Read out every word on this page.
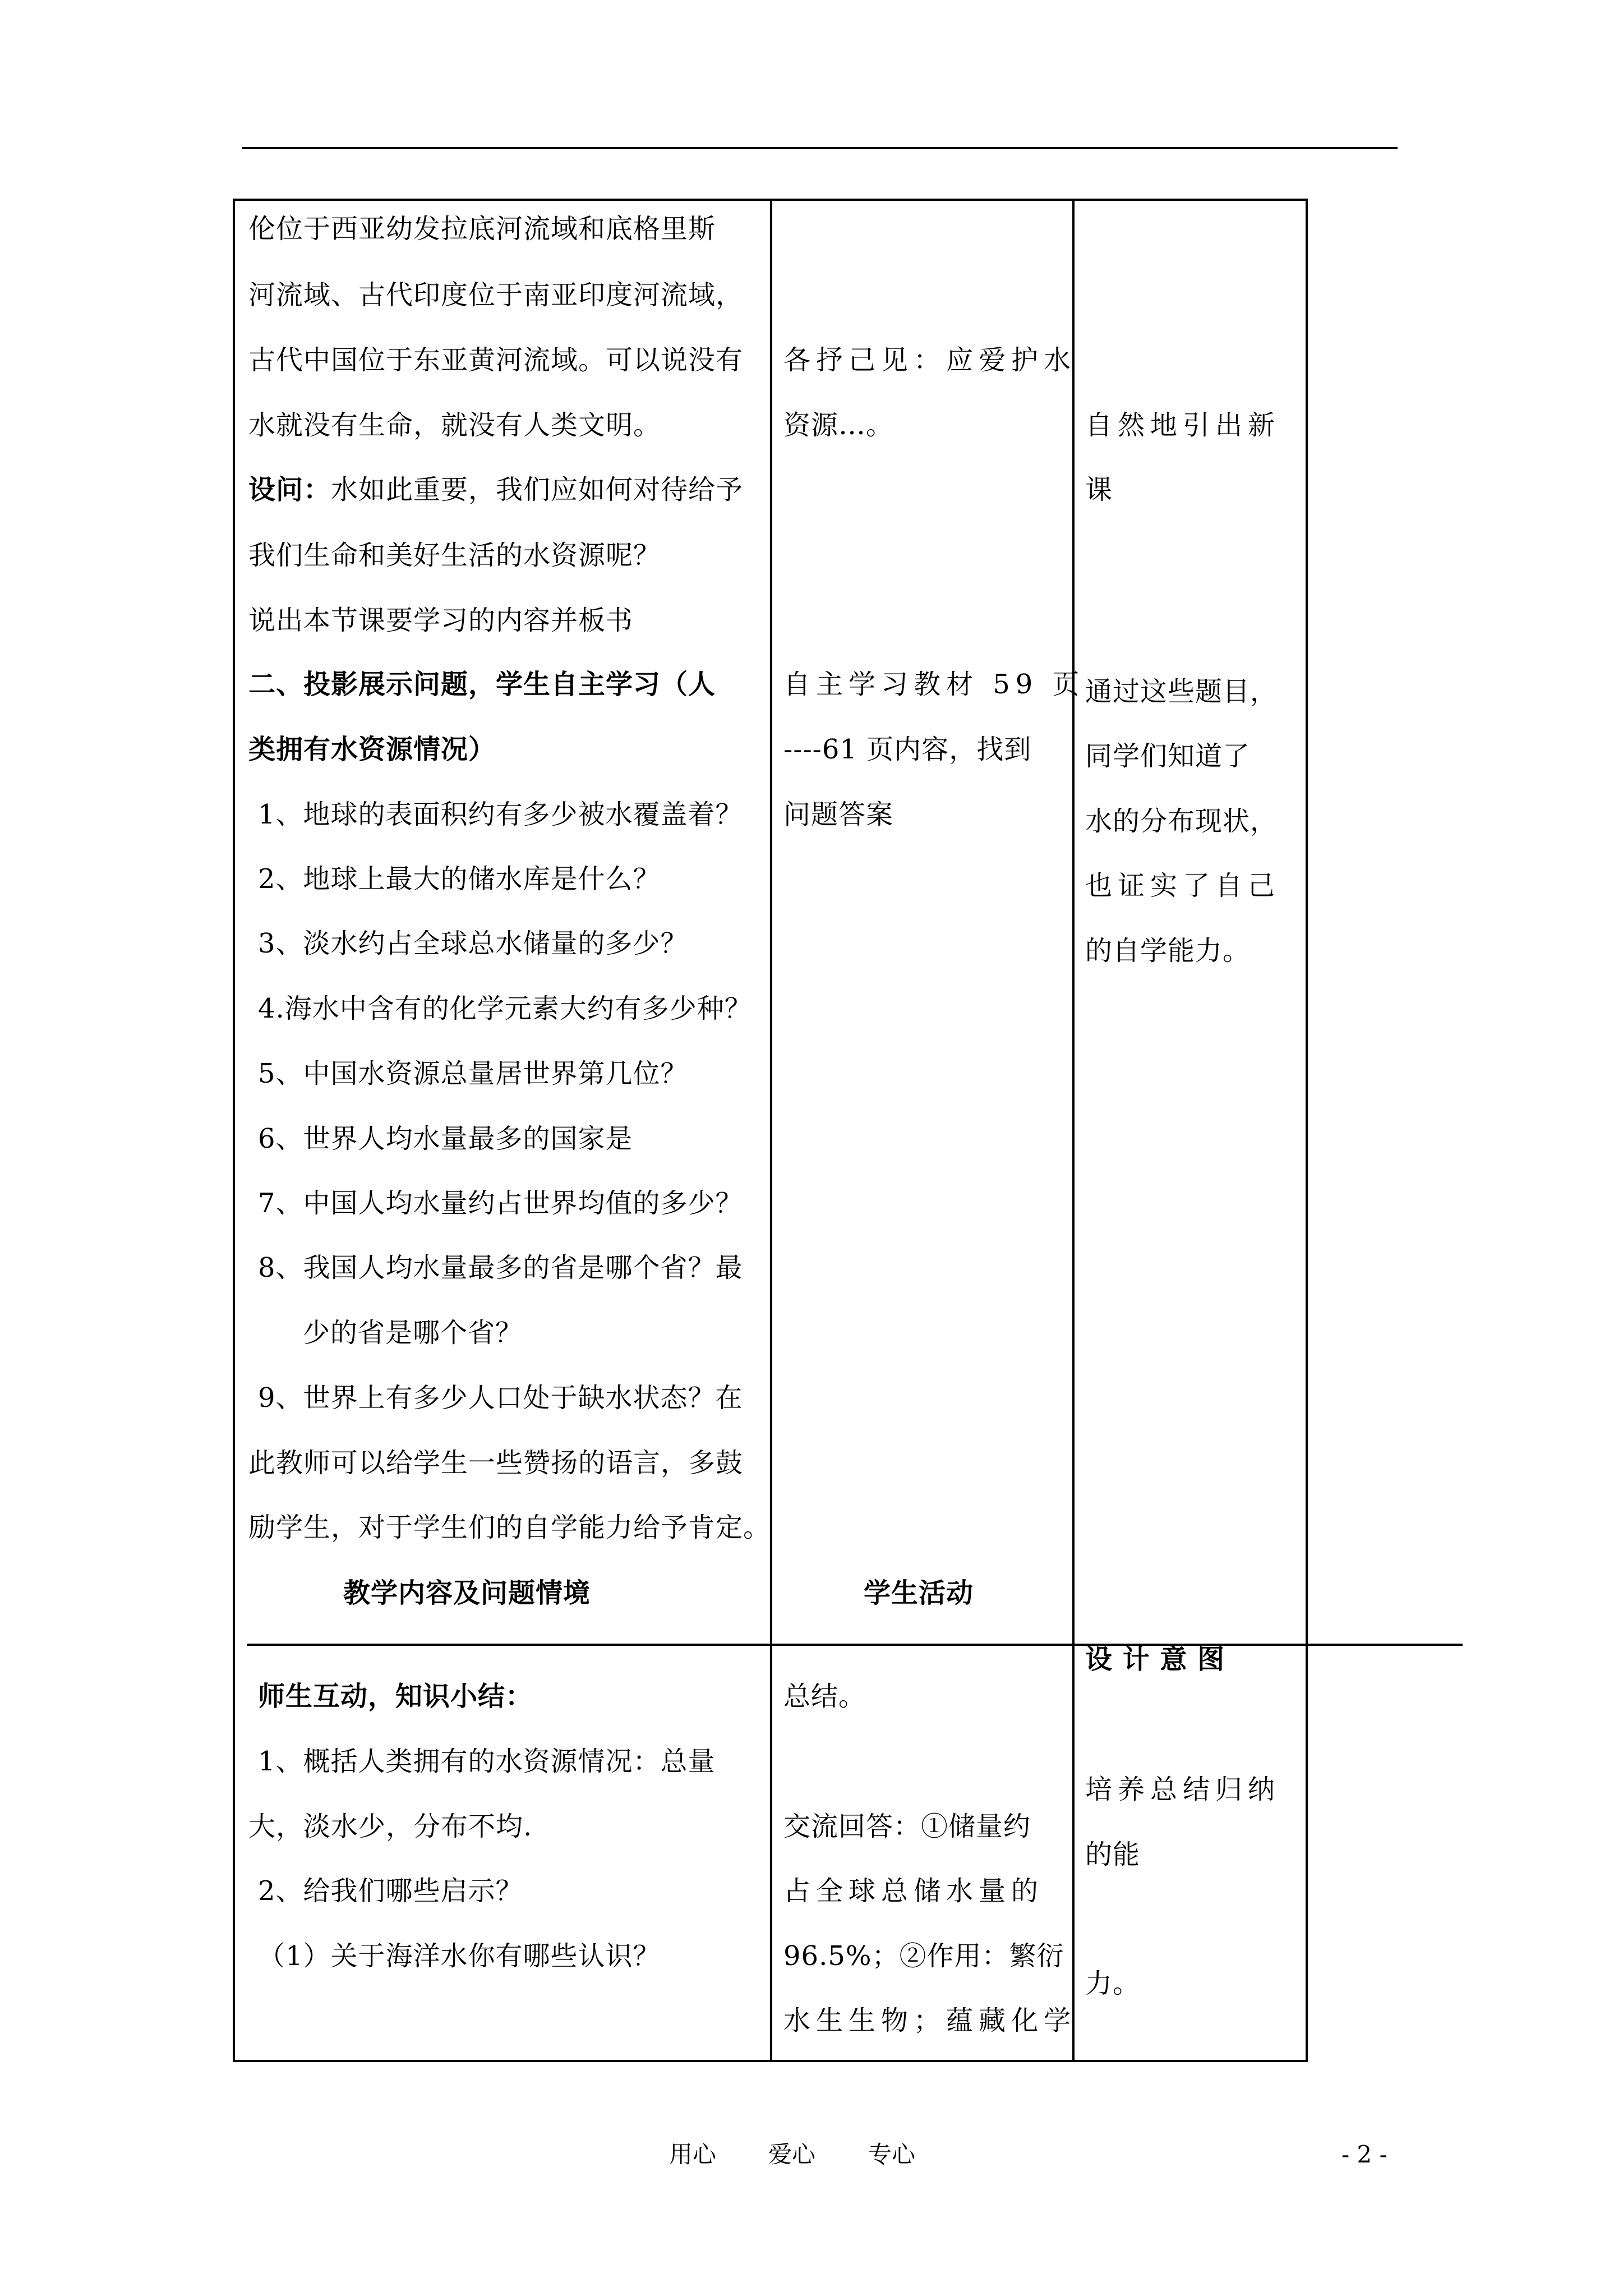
伦位于西亚幼发拉底河流域和底格里斯
河流域、古代印度位于南亚印度河流域，
古代中国位于东亚黄河流域。可以说没有
水就没有生命，就没有人类文明。
设问：水如此重要，我们应如何对待给予
我们生命和美好生活的水资源呢？
说出本节课要学习的内容并板书
二、投影展示问题，学生自主学习（人
类拥有水资源情况）
1、地球的表面积约有多少被水覆盖着？
2、地球上最大的储水库是什么？
3、淡水约占全球总水储量的多少？
4.海水中含有的化学元素大约有多少种？
5、中国水资源总量居世界第几位？
6、世界人均水量最多的国家是
7、中国人均水量约占世界均值的多少？
8、我国人均水量最多的省是哪个省？最
少的省是哪个省？
9、世界上有多少人口处于缺水状态？在
此教师可以给学生一些赞扬的语言，多鼓
励学生，对于学生们的自学能力给予肯定。
教学内容及问题情境
各抒己见：应爱护水
资源…。
自主学习教材 59 页
----61 页内容，找到
问题答案
学生活动
自然地引出新
课
通过这些题目，
同学们知道了
水的分布现状，
也证实了自己
的自学能力。
师生互动，知识小结：
1、概括人类拥有的水资源情况：总量
大，淡水少，分布不均.
2、给我们哪些启示？
（1）关于海洋水你有哪些认识？
总结。
交流回答：①储量约
占全球总储水量的
96.5%；②作用：繁衍
水生生物；蕴藏化学
设 计 意 图
培养总结归纳
的能
力。
用心 爱心 专心	- 2 -
